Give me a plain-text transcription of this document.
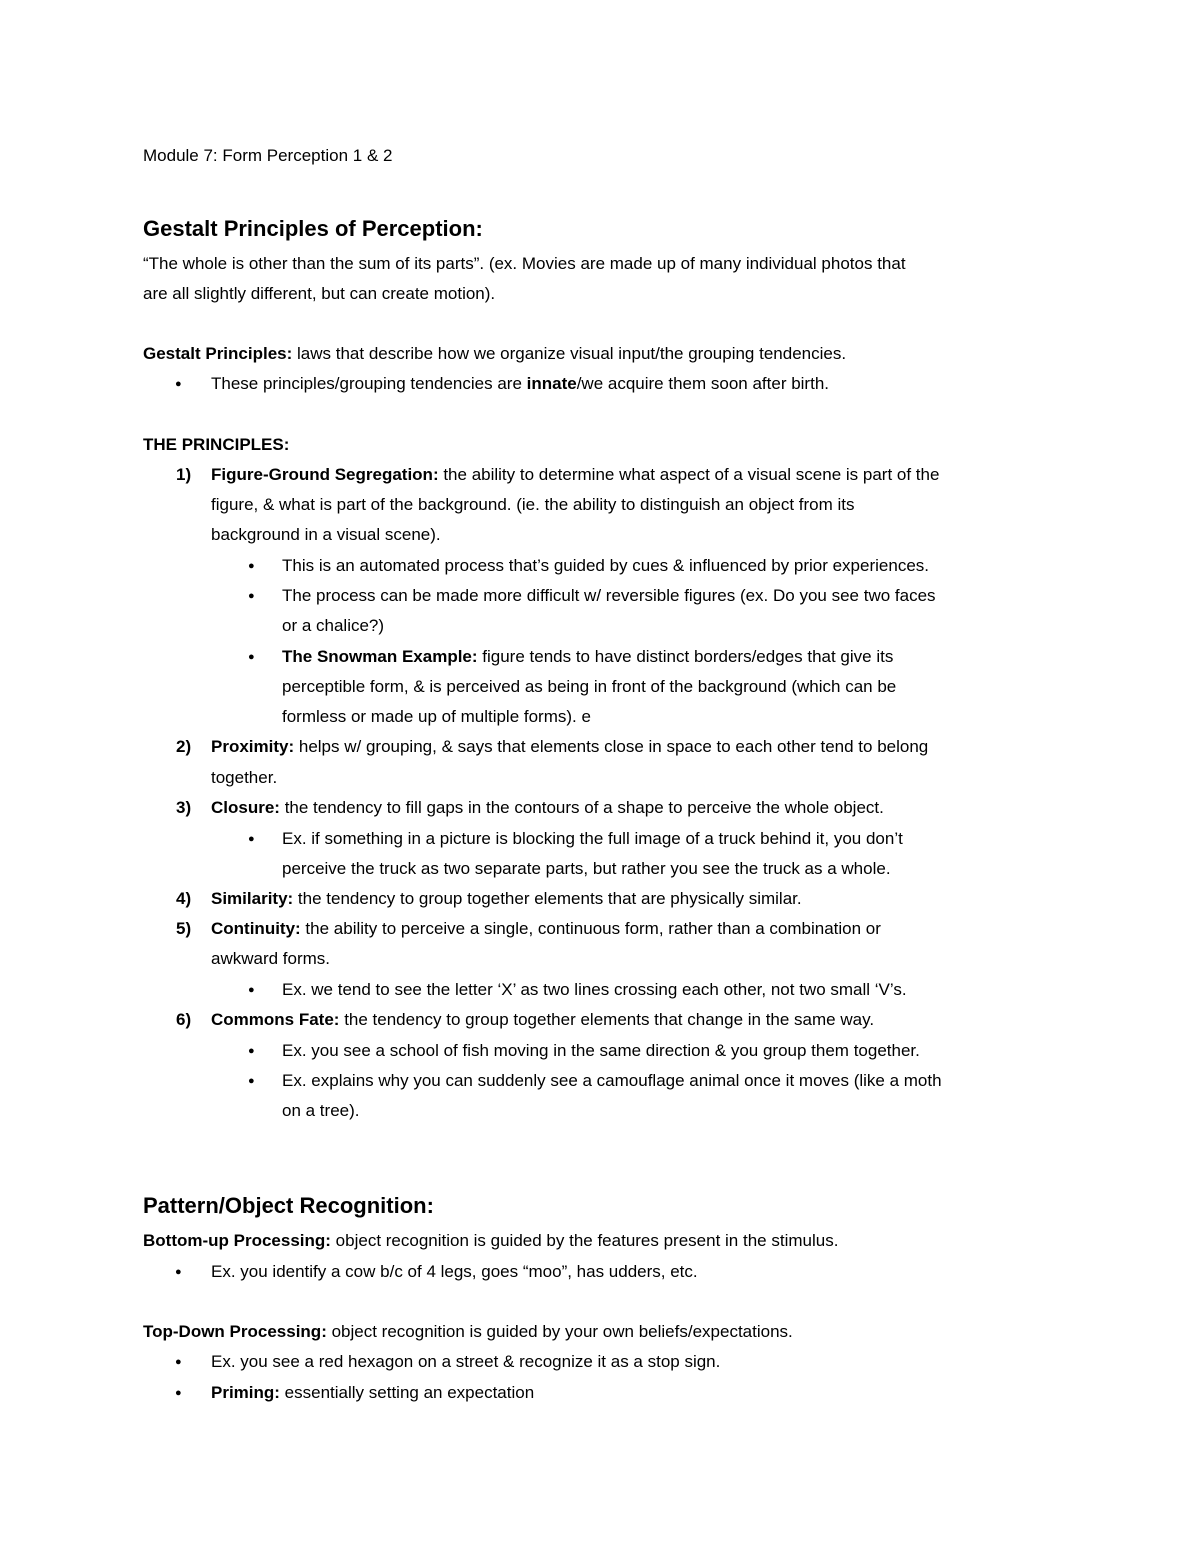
Module 7: Form Perception 1 & 2
Gestalt Principles of Perception:
“The whole is other than the sum of its parts”. (ex. Movies are made up of many individual photos that
are all slightly different, but can create motion).
Gestalt Principles: laws that describe how we organize visual input/the grouping tendencies.
● These principles/grouping tendencies are innate/we acquire them soon after birth.
THE PRINCIPLES:
1) Figure-Ground Segregation: the ability to determine what aspect of a visual scene is part of the
figure, & what is part of the background. (ie. the ability to distinguish an object from its
background in a visual scene).
● This is an automated process that’s guided by cues & influenced by prior experiences.
● The process can be made more difficult w/ reversible figures (ex. Do you see two faces
or a chalice?)
● The Snowman Example: figure tends to have distinct borders/edges that give its
perceptible form, & is perceived as being in front of the background (which can be
formless or made up of multiple forms). e
2) Proximity: helps w/ grouping, & says that elements close in space to each other tend to belong
together.
3) Closure: the tendency to fill gaps in the contours of a shape to perceive the whole object.
● Ex. if something in a picture is blocking the full image of a truck behind it, you don’t
perceive the truck as two separate parts, but rather you see the truck as a whole.
4) Similarity: the tendency to group together elements that are physically similar.
5) Continuity: the ability to perceive a single, continuous form, rather than a combination or
awkward forms.
● Ex. we tend to see the letter ‘X’ as two lines crossing each other, not two small ‘V’s.
6) Commons Fate: the tendency to group together elements that change in the same way.
● Ex. you see a school of fish moving in the same direction & you group them together.
● Ex. explains why you can suddenly see a camouflage animal once it moves (like a moth
on a tree).
Pattern/Object Recognition:
Bottom-up Processing: object recognition is guided by the features present in the stimulus.
● Ex. you identify a cow b/c of 4 legs, goes “moo”, has udders, etc.
Top-Down Processing: object recognition is guided by your own beliefs/expectations.
● Ex. you see a red hexagon on a street & recognize it as a stop sign.
● Priming: essentially setting an expectation
